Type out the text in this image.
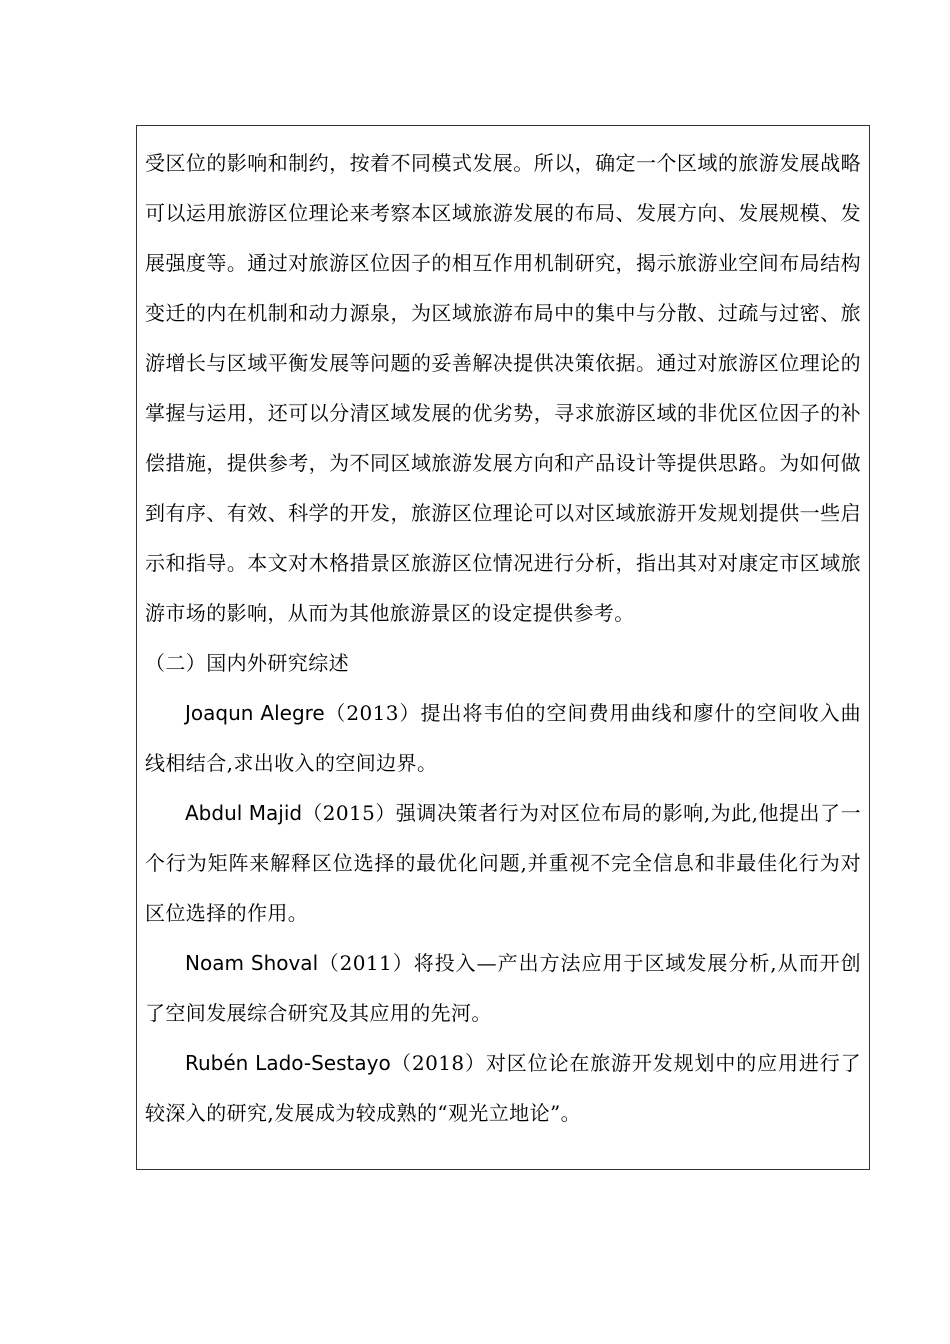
受区位的影响和制约，按着不同模式发展。所以，确定一个区域的旅游发展战略可以运用旅游区位理论来考察本区域旅游发展的布局、发展方向、发展规模、发展强度等。通过对旅游区位因子的相互作用机制研究，揭示旅游业空间布局结构变迁的内在机制和动力源泉，为区域旅游布局中的集中与分散、过疏与过密、旅游增长与区域平衡发展等问题的妥善解决提供决策依据。通过对旅游区位理论的掌握与运用，还可以分清区域发展的优劣势，寻求旅游区域的非优区位因子的补偿措施，提供参考，为不同区域旅游发展方向和产品设计等提供思路。为如何做到有序、有效、科学的开发，旅游区位理论可以对区域旅游开发规划提供一些启示和指导。本文对木格措景区旅游区位情况进行分析，指出其对对康定市区域旅游市场的影响，从而为其他旅游景区的设定提供参考。

（二）国内外研究综述

Joaqun Alegre（2013）提出将韦伯的空间费用曲线和廖什的空间收入曲线相结合,求出收入的空间边界。

Abdul Majid（2015）强调决策者行为对区位布局的影响,为此,他提出了一个行为矩阵来解释区位选择的最优化问题,并重视不完全信息和非最佳化行为对区位选择的作用。

Noam Shoval（2011）将投入—产出方法应用于区域发展分析,从而开创了空间发展综合研究及其应用的先河。

Rubén Lado-Sestayo（2018）对区位论在旅游开发规划中的应用进行了较深入的研究,发展成为较成熟的“观光立地论”。
